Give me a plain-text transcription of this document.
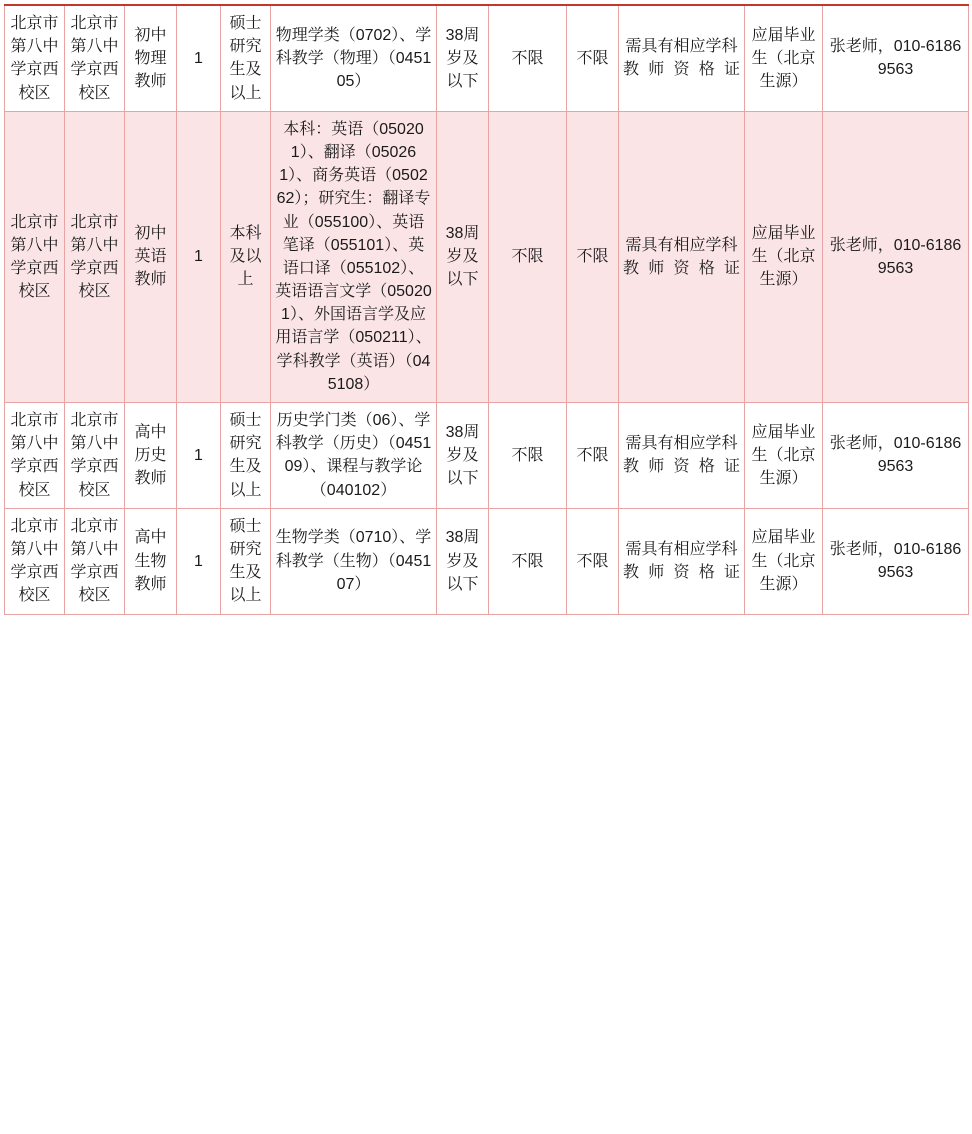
北京市第八中学京西校区	北京市第八中学京西校区	初中物理教师	1	硕士研究生及以上	物理学类（0702）、学科教学（物理）（045105）	38周岁及以下	不限	不限	需具有相应学科教师资格证	应届毕业生（北京生源）	张老师，010-61869563
北京市第八中学京西校区	北京市第八中学京西校区	初中英语教师	1	本科及以上	本科：英语（050201）、翻译（050261）、商务英语（050262）；研究生：翻译专业（055100）、英语笔译（055101）、英语口译（055102）、英语语言文学（050201）、外国语言学及应用语言学（050211）、学科教学（英语）（045108）	38周岁及以下	不限	不限	需具有相应学科教师资格证	应届毕业生（北京生源）	张老师，010-61869563
北京市第八中学京西校区	北京市第八中学京西校区	高中历史教师	1	硕士研究生及以上	历史学门类（06）、学科教学（历史）（045109）、课程与教学论（040102）	38周岁及以下	不限	不限	需具有相应学科教师资格证	应届毕业生（北京生源）	张老师，010-61869563
北京市第八中学京西校区	北京市第八中学京西校区	高中生物教师	1	硕士研究生及以上	生物学类（0710）、学科教学（生物）（045107）	38周岁及以下	不限	不限	需具有相应学科教师资格证	应届毕业生（北京生源）	张老师，010-61869563
